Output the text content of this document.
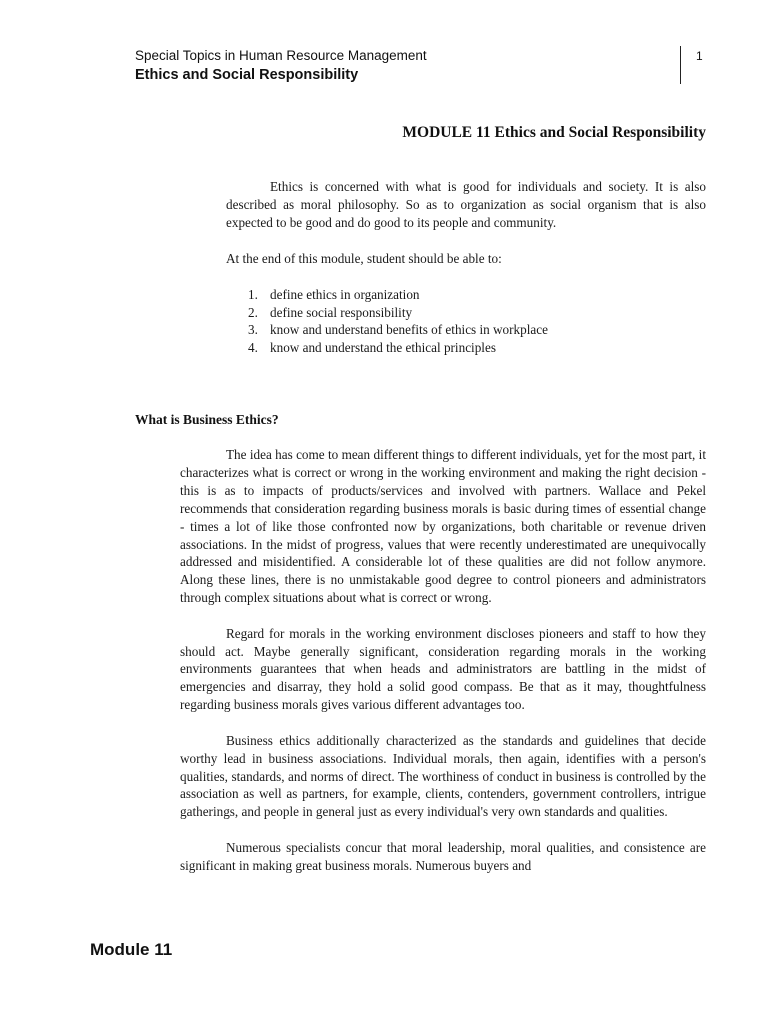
Special Topics in Human Resource Management
Ethics and Social Responsibility
1
MODULE 11 Ethics and Social Responsibility

Ethics is concerned with what is good for individuals and society. It is also described as moral philosophy. So as to organization as social organism that is also expected to be good and do good to its people and community.

At the end of this module, student should be able to:
1. define ethics in organization
2. define social responsibility
3. know and understand benefits of ethics in workplace
4. know and understand the ethical principles
What is Business Ethics?

The idea has come to mean different things to different individuals, yet for the most part, it characterizes what is correct or wrong in the working environment and making the right decision - this is as to impacts of products/services and involved with partners. Wallace and Pekel recommends that consideration regarding business morals is basic during times of essential change - times a lot of like those confronted now by organizations, both charitable or revenue driven associations. In the midst of progress, values that were recently underestimated are unequivocally addressed and misidentified. A considerable lot of these qualities are did not follow anymore. Along these lines, there is no unmistakable good degree to control pioneers and administrators through complex situations about what is correct or wrong.

Regard for morals in the working environment discloses pioneers and staff to how they should act. Maybe generally significant, consideration regarding morals in the working environments guarantees that when heads and administrators are battling in the midst of emergencies and disarray, they hold a solid good compass. Be that as it may, thoughtfulness regarding business morals gives various different advantages too.

Business ethics additionally characterized as the standards and guidelines that decide worthy lead in business associations. Individual morals, then again, identifies with a person's qualities, standards, and norms of direct. The worthiness of conduct in business is controlled by the association as well as partners, for example, clients, contenders, government controllers, intrigue gatherings, and people in general just as every individual's very own standards and qualities.

Numerous specialists concur that moral leadership, moral qualities, and consistence are significant in making great business morals. Numerous buyers and

Module 11
